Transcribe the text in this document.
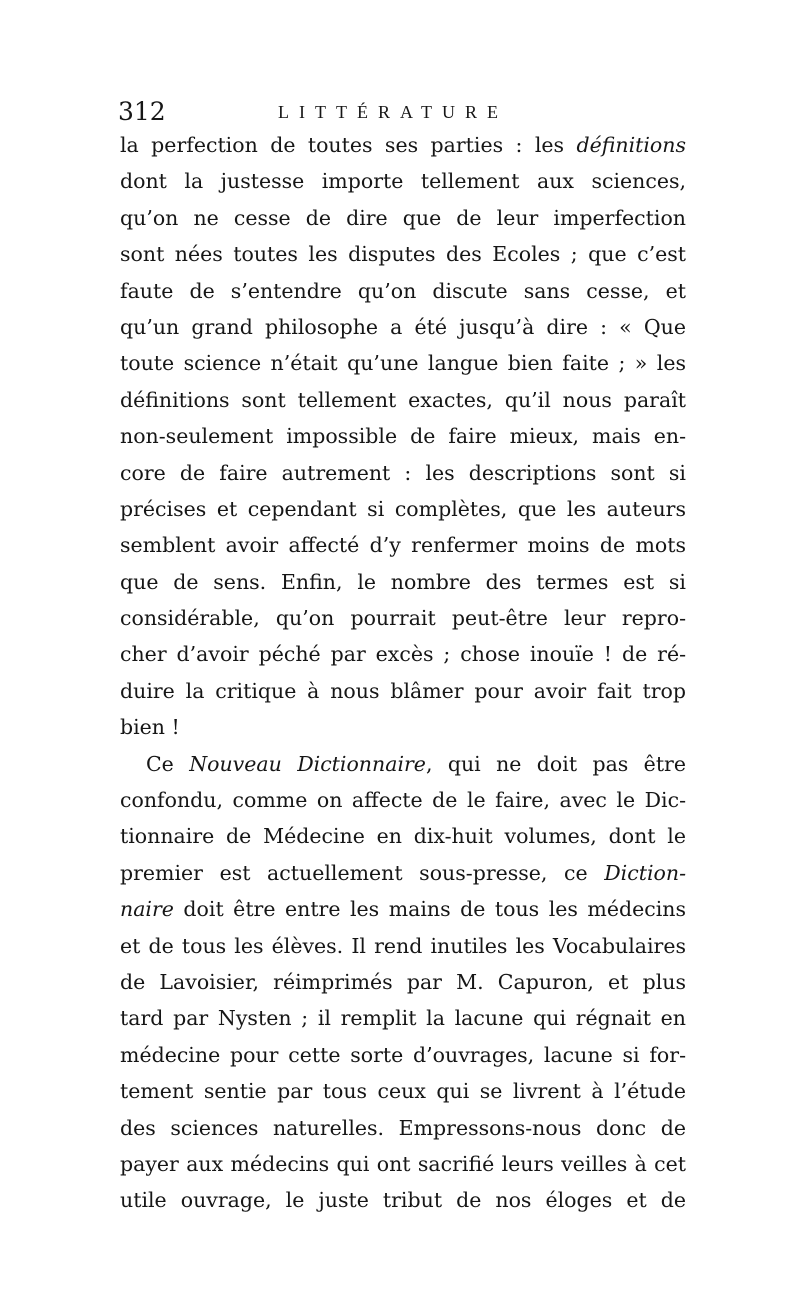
312	LITTÉRATURE
la perfection de toutes ses parties : les définitions
dont la justesse importe tellement aux sciences,
qu’on ne cesse de dire que de leur imperfection
sont nées toutes les disputes des Ecoles ; que c’est
faute de s’entendre qu’on discute sans cesse, et
qu’un grand philosophe a été jusqu’à dire : « Que
toute science n’était qu’une langue bien faite ; » les
définitions sont tellement exactes, qu’il nous paraît
non-seulement impossible de faire mieux, mais en-
core de faire autrement : les descriptions sont si
précises et cependant si complètes, que les auteurs
semblent avoir affecté d’y renfermer moins de mots
que de sens. Enfin, le nombre des termes est si
considérable, qu’on pourrait peut-être leur repro-
cher d’avoir péché par excès ; chose inouïe ! de ré-
duire la critique à nous blâmer pour avoir fait trop
bien !
Ce Nouveau Dictionnaire, qui ne doit pas être
confondu, comme on affecte de le faire, avec le Dic-
tionnaire de Médecine en dix-huit volumes, dont le
premier est actuellement sous-presse, ce Diction-
naire doit être entre les mains de tous les médecins
et de tous les élèves. Il rend inutiles les Vocabulaires
de Lavoisier, réimprimés par M. Capuron, et plus
tard par Nysten ; il remplit la lacune qui régnait en
médecine pour cette sorte d’ouvrages, lacune si for-
tement sentie par tous ceux qui se livrent à l’étude
des sciences naturelles. Empressons-nous donc de
payer aux médecins qui ont sacrifié leurs veilles à cet
utile ouvrage, le juste tribut de nos éloges et de
